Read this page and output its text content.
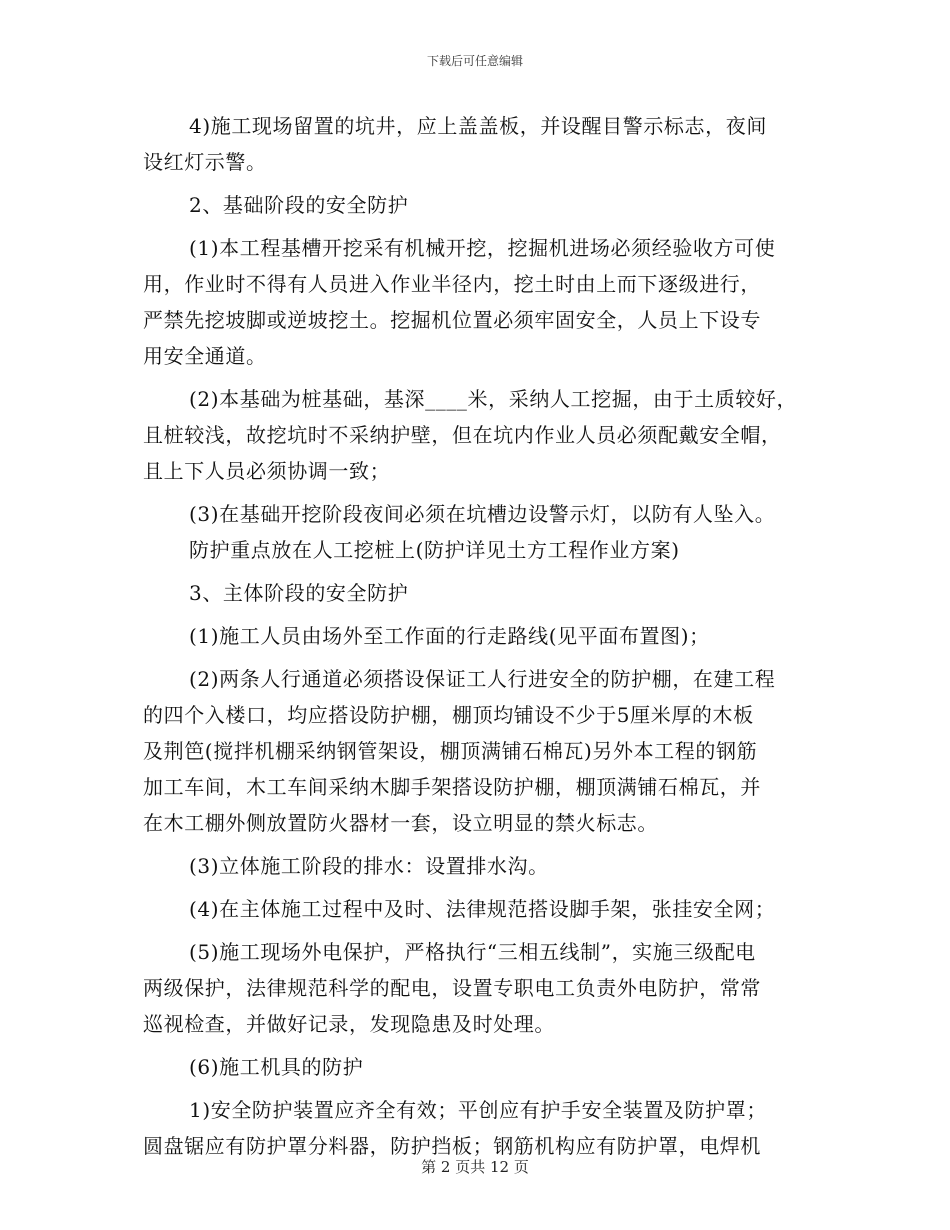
下载后可任意编辑
4)施工现场留置的坑井，应上盖盖板，并设醒目警示标志，夜间
设红灯示警。
2、基础阶段的安全防护
(1)本工程基槽开挖采有机械开挖，挖掘机进场必须经验收方可使
用，作业时不得有人员进入作业半径内，挖土时由上而下逐级进行，
严禁先挖坡脚或逆坡挖土。挖掘机位置必须牢固安全，人员上下设专
用安全通道。
(2)本基础为桩基础，基深____米，采纳人工挖掘，由于土质较好，
且桩较浅，故挖坑时不采纳护壁，但在坑内作业人员必须配戴安全帽，
且上下人员必须协调一致；
(3)在基础开挖阶段夜间必须在坑槽边设警示灯，以防有人坠入。
防护重点放在人工挖桩上(防护详见土方工程作业方案)
3、主体阶段的安全防护
(1)施工人员由场外至工作面的行走路线(见平面布置图)；
(2)两条人行通道必须搭设保证工人行进安全的防护棚，在建工程
的四个入楼口，均应搭设防护棚，棚顶均铺设不少于5厘米厚的木板
及荆笆(搅拌机棚采纳钢管架设，棚顶满铺石棉瓦)另外本工程的钢筋
加工车间，木工车间采纳木脚手架搭设防护棚，棚顶满铺石棉瓦，并
在木工棚外侧放置防火器材一套，设立明显的禁火标志。
(3)立体施工阶段的排水：设置排水沟。
(4)在主体施工过程中及时、法律规范搭设脚手架，张挂安全网；
(5)施工现场外电保护，严格执行“三相五线制”，实施三级配电
两级保护，法律规范科学的配电，设置专职电工负责外电防护，常常
巡视检查，并做好记录，发现隐患及时处理。
(6)施工机具的防护
1)安全防护装置应齐全有效；平创应有护手安全装置及防护罩；
圆盘锯应有防护罩分料器，防护挡板；钢筋机构应有防护罩，电焊机
第 2 页共 12 页
